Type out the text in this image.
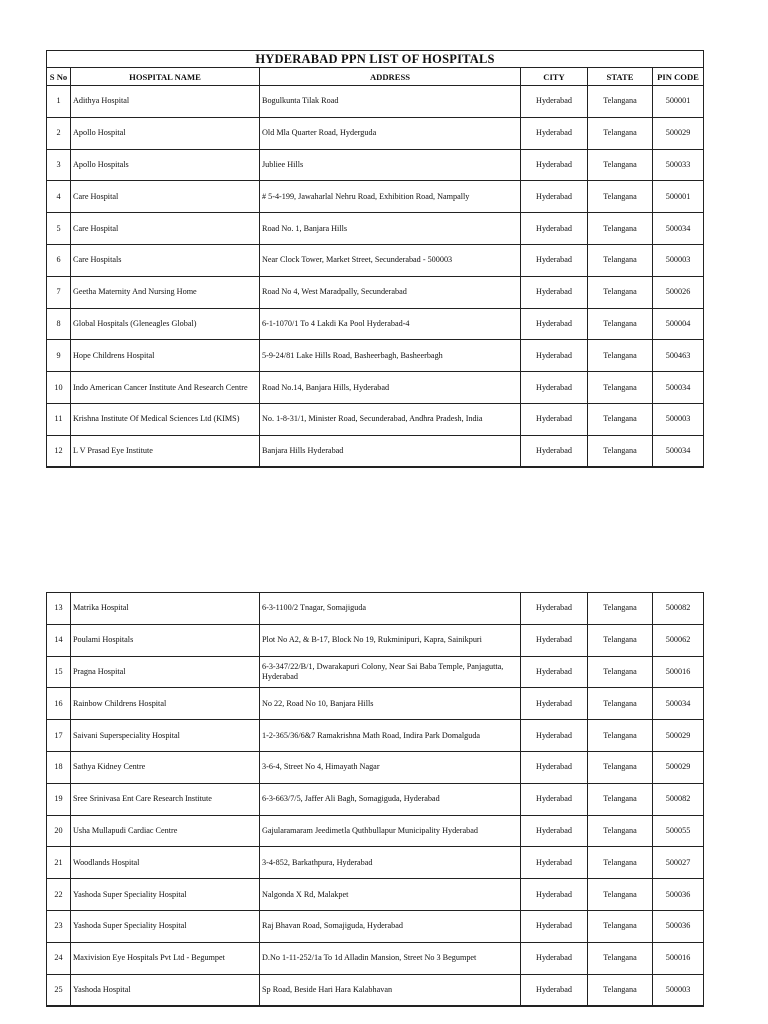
HYDERABAD PPN LIST OF HOSPITALS					
S No	HOSPITAL NAME	ADDRESS	CITY	STATE	PIN CODE
1	Adithya Hospital	Bogulkunta Tilak Road	Hyderabad	Telangana	500001
2	Apollo Hospital	Old Mla Quarter Road, Hyderguda	Hyderabad	Telangana	500029
3	Apollo Hospitals	Jubliee Hills	Hyderabad	Telangana	500033
4	Care Hospital	# 5-4-199, Jawaharlal Nehru Road, Exhibition Road, Nampally	Hyderabad	Telangana	500001
5	Care Hospital	Road No. 1, Banjara Hills	Hyderabad	Telangana	500034
6	Care Hospitals	Near Clock Tower, Market Street, Secunderabad - 500003	Hyderabad	Telangana	500003
7	Geetha Maternity And Nursing Home	Road No 4, West Maradpally, Secunderabad	Hyderabad	Telangana	500026
8	Global Hospitals (Gleneagles Global)	6-1-1070/1 To 4 Lakdi Ka Pool Hyderabad-4	Hyderabad	Telangana	500004
9	Hope Childrens Hospital	5-9-24/81 Lake Hills Road, Basheerbagh, Basheerbagh	Hyderabad	Telangana	500463
10	Indo American Cancer Institute And Research Centre	Road No.14, Banjara Hills, Hyderabad	Hyderabad	Telangana	500034
11	Krishna Institute Of Medical Sciences Ltd (KIMS)	No. 1-8-31/1, Minister Road, Secunderabad, Andhra Pradesh, India	Hyderabad	Telangana	500003
12	L V Prasad Eye Institute	Banjara Hills Hyderabad	Hyderabad	Telangana	500034
13	Matrika Hospital	6-3-1100/2 Tnagar, Somajiguda	Hyderabad	Telangana	500082
14	Poulami Hospitals	Plot No A2, & B-17, Block No 19, Rukminipuri, Kapra, Sainikpuri	Hyderabad	Telangana	500062
15	Pragna Hospital	6-3-347/22/B/1, Dwarakapuri Colony, Near Sai Baba Temple, Panjagutta, Hyderabad	Hyderabad	Telangana	500016
16	Rainbow Childrens Hospital	No 22, Road No 10, Banjara Hills	Hyderabad	Telangana	500034
17	Saivani Superspeciality Hospital	1-2-365/36/6&7 Ramakrishna Math Road, Indira Park Domalguda	Hyderabad	Telangana	500029
18	Sathya Kidney Centre	3-6-4, Street No 4, Himayath Nagar	Hyderabad	Telangana	500029
19	Sree Srinivasa Ent Care Research Institute	6-3-663/7/5, Jaffer Ali Bagh, Somagiguda, Hyderabad	Hyderabad	Telangana	500082
20	Usha Mullapudi Cardiac Centre	Gajularamaram Jeedimetla Quthbullapur Municipality Hyderabad	Hyderabad	Telangana	500055
21	Woodlands Hospital	3-4-852, Barkathpura, Hyderabad	Hyderabad	Telangana	500027
22	Yashoda Super Speciality Hospital	Nalgonda X Rd, Malakpet	Hyderabad	Telangana	500036
23	Yashoda Super Speciality Hospital	Raj Bhavan Road, Somajiguda, Hyderabad	Hyderabad	Telangana	500036
24	Maxivision Eye Hospitals Pvt Ltd - Begumpet	D.No 1-11-252/1a To 1d Alladin Mansion, Street No 3 Begumpet	Hyderabad	Telangana	500016
25	Yashoda Hospital	Sp Road, Beside Hari Hara Kalabhavan	Hyderabad	Telangana	500003
